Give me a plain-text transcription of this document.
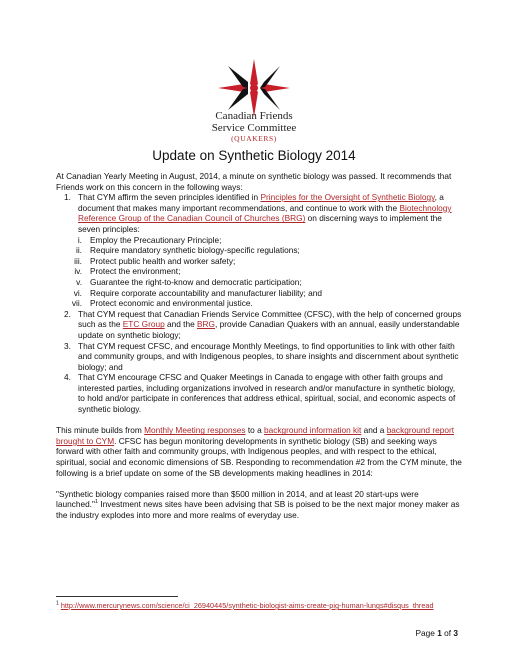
Canadian Friends
Service Committee
(QUAKERS)
Update on Synthetic Biology 2014

At Canadian Yearly Meeting in August, 2014, a minute on synthetic biology was passed. It recommends that Friends work on this concern in the following ways:

1. That CYM affirm the seven principles identified in Principles for the Oversight of Synthetic Biology, a document that makes many important recommendations, and continue to work with the Biotechnology Reference Group of the Canadian Council of Churches (BRG) on discerning ways to implement the seven principles:
i. Employ the Precautionary Principle;
ii. Require mandatory synthetic biology-specific regulations;
iii. Protect public health and worker safety;
iv. Protect the environment;
v. Guarantee the right-to-know and democratic participation;
vi. Require corporate accountability and manufacturer liability; and
vii. Protect economic and environmental justice.
2. That CYM request that Canadian Friends Service Committee (CFSC), with the help of concerned groups such as the ETC Group and the BRG, provide Canadian Quakers with an annual, easily understandable update on synthetic biology;
3. That CYM request CFSC, and encourage Monthly Meetings, to find opportunities to link with other faith and community groups, and with Indigenous peoples, to share insights and discernment about synthetic biology; and
4. That CYM encourage CFSC and Quaker Meetings in Canada to engage with other faith groups and interested parties, including organizations involved in research and/or manufacture in synthetic biology, to hold and/or participate in conferences that address ethical, spiritual, social, and economic aspects of synthetic biology.

This minute builds from Monthly Meeting responses to a background information kit and a background report brought to CYM. CFSC has begun monitoring developments in synthetic biology (SB) and seeking ways forward with other faith and community groups, with Indigenous peoples, and with respect to the ethical, spiritual, social and economic dimensions of SB. Responding to recommendation #2 from the CYM minute, the following is a brief update on some of the SB developments making headlines in 2014:

"Synthetic biology companies raised more than $500 million in 2014, and at least 20 start-ups were launched."$^1$ Investment news sites have been advising that SB is poised to be the next major money maker as the industry explodes into more and more realms of everyday use.

$^1$ http://www.mercurynews.com/science/ci_26940445/synthetic-biologist-aims-create-pig-human-lungs#disqus_thread
Page 1 of 3
